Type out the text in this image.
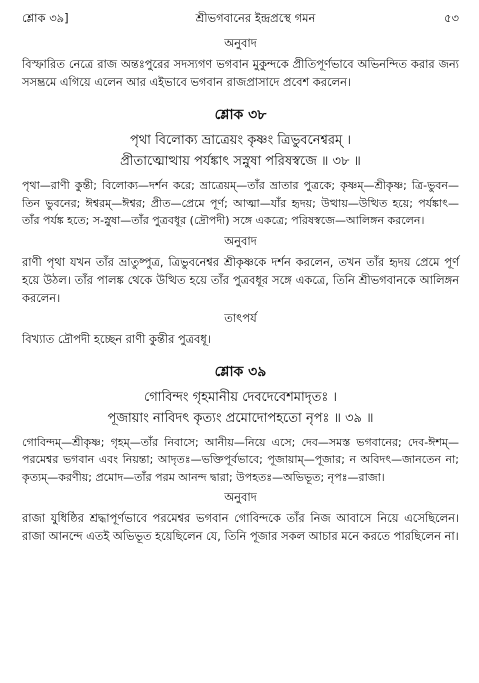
শ্লোক ৩৯]	শ্রীভগবানের ইন্দ্রপ্রস্থে গমন	৫৩
অনুবাদ

বিস্ফারিত নেত্রে রাজ অন্তঃপুরের সদস্যগণ ভগবান মুকুন্দকে প্রীতিপূর্ণভাবে অভিনন্দিত করার জন্য সসম্ভ্রমে এগিয়ে এলেন আর এইভাবে ভগবান রাজপ্রাসাদে প্রবেশ করলেন।

শ্লোক ৩৮

পৃথা বিলোক্য ভ্রাত্রেয়ং কৃষ্ণং ত্রিভুবনেশ্বরম্ ।

প্রীতাত্মোত্থায় পর্যঙ্কাৎ সস্নুষা পরিষস্বজে ॥ ৩৮ ॥

পৃথা—রাণী কুন্তী; বিলোক্য—দর্শন করে; ভ্রাত্রেয়ম্—তাঁর ভ্রাতার পুত্রকে; কৃষ্ণম্—শ্রীকৃষ্ণ; ত্রি-ভুবন—তিন ভুবনের; ঈশ্বরম্—ঈশ্বর; প্রীত—প্রেমে পূর্ণ; আত্মা—যাঁর হৃদয়; উত্থায়—উত্থিত হয়ে; পর্যঙ্কাৎ—তাঁর পর্যঙ্ক হতে; স-স্নুষা—তাঁর পুত্রবধূর (দ্রৌপদী) সঙ্গে একত্রে; পরিষস্বজে—আলিঙ্গন করলেন।

অনুবাদ

রাণী পৃথা যখন তাঁর ভ্রাতুষ্পুত্র, ত্রিভুবনেশ্বর শ্রীকৃষ্ণকে দর্শন করলেন, তখন তাঁর হৃদয় প্রেমে পূর্ণ হয়ে উঠল। তাঁর পালঙ্ক থেকে উত্থিত হয়ে তাঁর পুত্রবধূর সঙ্গে একত্রে, তিনি শ্রীভগবানকে আলিঙ্গন করলেন।

তাৎপর্য

বিখ্যাত দ্রৌপদী হচ্ছেন রাণী কুন্তীর পুত্রবধূ।

শ্লোক ৩৯

গোবিন্দং গৃহমানীয় দেবদেবেশমাদৃতঃ ।

পূজায়াং নাবিদৎ কৃত্যং প্রমোদোপহতো নৃপঃ ॥ ৩৯ ॥

গোবিন্দম্—শ্রীকৃষ্ণ; গৃহম্—তাঁর নিবাসে; আনীয়—নিয়ে এসে; দেব—সমস্ত ভগবানের; দেব-ঈশম্—পরমেশ্বর ভগবান এবং নিয়ন্তা; আদৃতঃ—ভক্তিপূর্বভাবে; পূজায়াম্—পূজার; ন অবিদৎ—জানতেন না; কৃত্যম্—করণীয়; প্রমোদ—তাঁর পরম আনন্দ দ্বারা; উপহতঃ—অভিভূত; নৃপঃ—রাজা।

অনুবাদ

রাজা যুধিষ্ঠির শ্রদ্ধাপূর্ণভাবে পরমেশ্বর ভগবান গোবিন্দকে তাঁর নিজ আবাসে নিয়ে এসেছিলেন। রাজা আনন্দে এতই অভিভূত হয়েছিলেন যে, তিনি পূজার সকল আচার মনে করতে পারছিলেন না।
